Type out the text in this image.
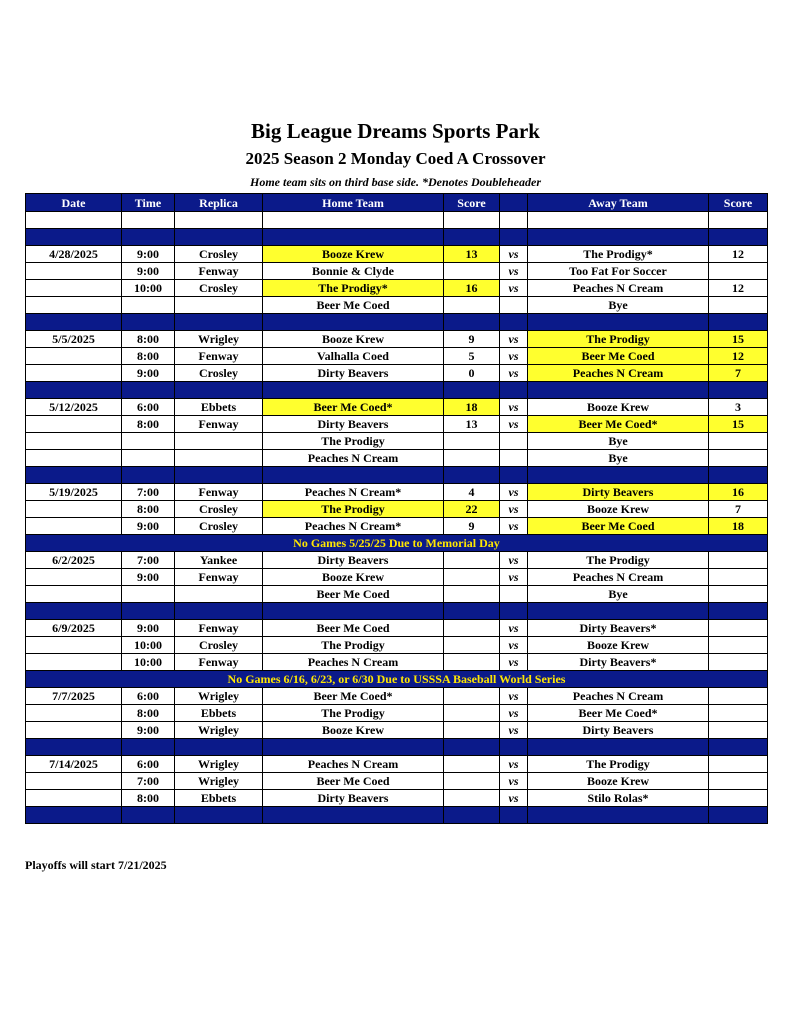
Big League Dreams Sports Park
2025 Season 2 Monday Coed A Crossover
Home team sits on third base side. *Denotes Doubleheader
Date	Time	Replica	Home Team	Score		Away Team	Score

4/28/2025	9:00	Crosley	Booze Krew	13	vs	The Prodigy*	12
	9:00	Fenway	Bonnie & Clyde		vs	Too Fat For Soccer	
	10:00	Crosley	The Prodigy*	16	vs	Peaches N Cream	12
			Beer Me Coed			Bye	

5/5/2025	8:00	Wrigley	Booze Krew	9	vs	The Prodigy	15
	8:00	Fenway	Valhalla Coed	5	vs	Beer Me Coed	12
	9:00	Crosley	Dirty Beavers	0	vs	Peaches N Cream	7

5/12/2025	6:00	Ebbets	Beer Me Coed*	18	vs	Booze Krew	3
	8:00	Fenway	Dirty Beavers	13	vs	Beer Me Coed*	15
			The Prodigy			Bye	
			Peaches N Cream			Bye	

5/19/2025	7:00	Fenway	Peaches N Cream*	4	vs	Dirty Beavers	16
	8:00	Crosley	The Prodigy	22	vs	Booze Krew	7
	9:00	Crosley	Peaches N Cream*	9	vs	Beer Me Coed	18
No Games 5/25/25 Due to Memorial Day							
6/2/2025	7:00	Yankee	Dirty Beavers		vs	The Prodigy	
	9:00	Fenway	Booze Krew		vs	Peaches N Cream	
			Beer Me Coed			Bye	

6/9/2025	9:00	Fenway	Beer Me Coed		vs	Dirty Beavers*	
	10:00	Crosley	The Prodigy		vs	Booze Krew	
	10:00	Fenway	Peaches N Cream		vs	Dirty Beavers*	
No Games 6/16, 6/23, or 6/30 Due to USSSA Baseball World Series							
7/7/2025	6:00	Wrigley	Beer Me Coed*		vs	Peaches N Cream	
	8:00	Ebbets	The Prodigy		vs	Beer Me Coed*	
	9:00	Wrigley	Booze Krew		vs	Dirty Beavers	

7/14/2025	6:00	Wrigley	Peaches N Cream		vs	The Prodigy	
	7:00	Wrigley	Beer Me Coed		vs	Booze Krew	
	8:00	Ebbets	Dirty Beavers		vs	Stilo Rolas*	

Playoffs will start 7/21/2025
